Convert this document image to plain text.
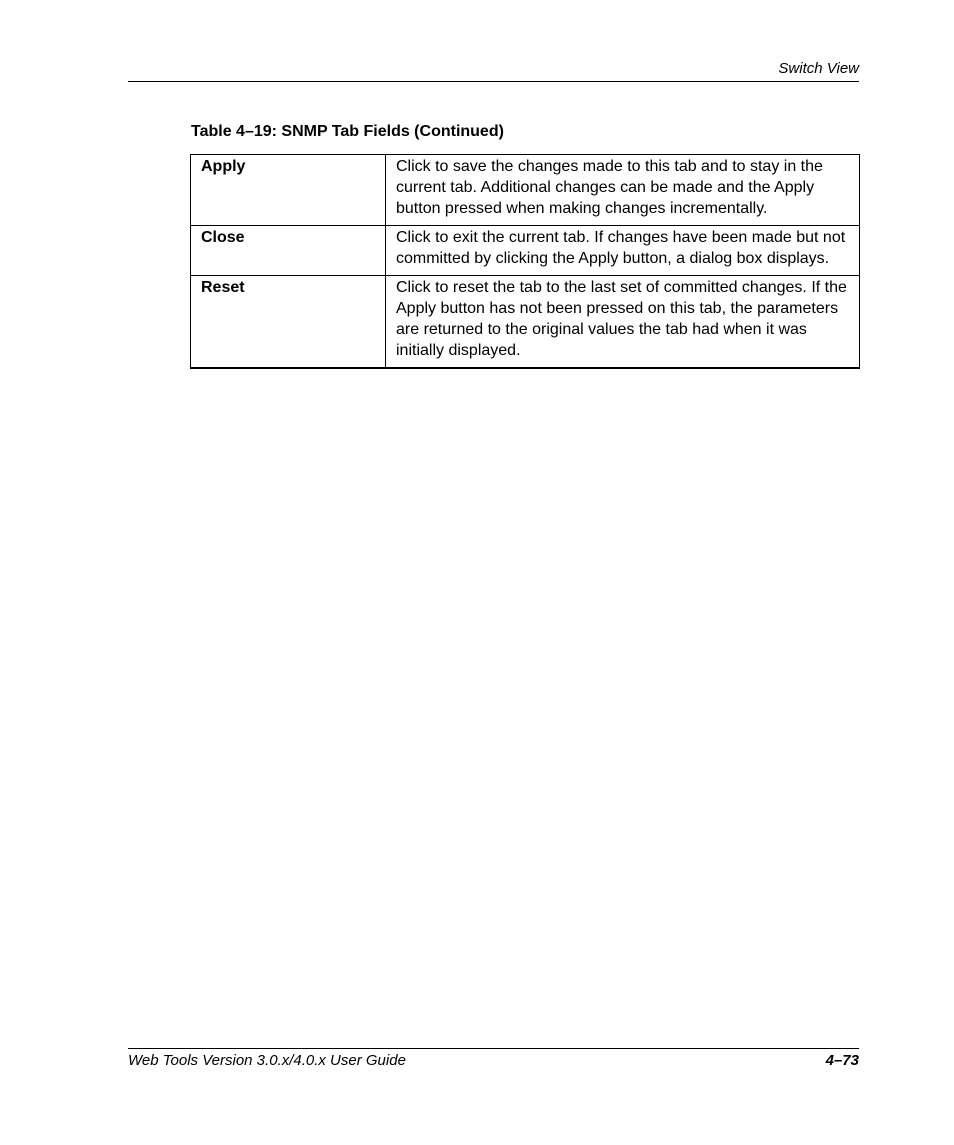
Switch View
Table 4–19: SNMP Tab Fields (Continued)
Apply	Click to save the changes made to this tab and to stay in the current tab. Additional changes can be made and the Apply button pressed when making changes incrementally.
Close	Click to exit the current tab. If changes have been made but not committed by clicking the Apply button, a dialog box displays.
Reset	Click to reset the tab to the last set of committed changes. If the Apply button has not been pressed on this tab, the parameters are returned to the original values the tab had when it was initially displayed.
Web Tools Version 3.0.x/4.0.x User Guide	4–73
